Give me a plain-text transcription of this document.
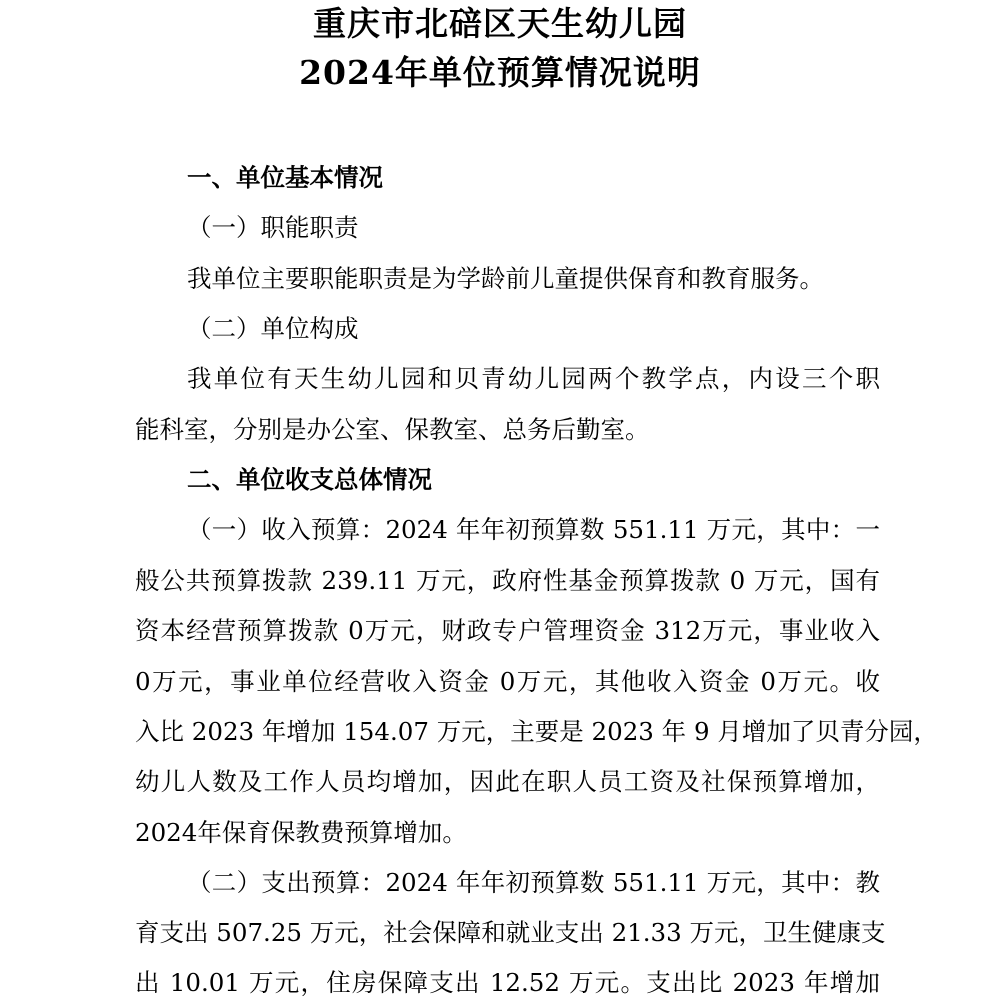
重庆市北碚区天生幼儿园
2024年单位预算情况说明
一、单位基本情况
（一）职能职责
我单位主要职能职责是为学龄前儿童提供保育和教育服务。
（二）单位构成
我单位有天生幼儿园和贝青幼儿园两个教学点，内设三个职
能科室，分别是办公室、保教室、总务后勤室。
二、单位收支总体情况
（一）收入预算：2024 年年初预算数 551.11 万元，其中：一
般公共预算拨款 239.11 万元，政府性基金预算拨款 0 万元，国有
资本经营预算拨款 0万元，财政专户管理资金 312万元，事业收入
0万元，事业单位经营收入资金 0万元，其他收入资金 0万元。收
入比 2023 年增加 154.07 万元，主要是 2023 年 9 月增加了贝青分园，
幼儿人数及工作人员均增加，因此在职人员工资及社保预算增加，
2024年保育保教费预算增加。
（二）支出预算：2024 年年初预算数 551.11 万元，其中：教
育支出 507.25 万元，社会保障和就业支出 21.33 万元，卫生健康支
出 10.01 万元，住房保障支出 12.52 万元。支出比 2023 年增加
